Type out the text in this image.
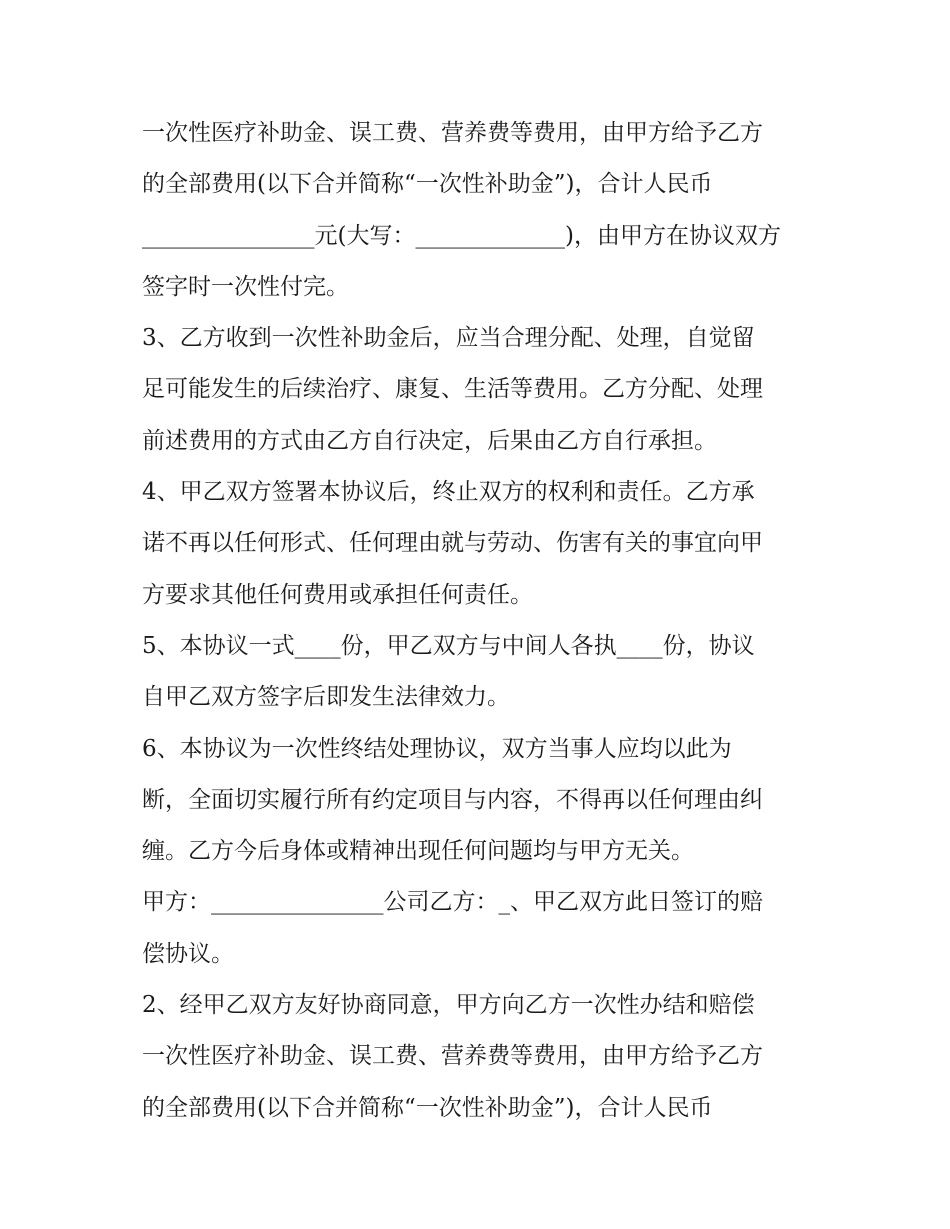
一次性医疗补助金、误工费、营养费等费用，由甲方给予乙方
的全部费用(以下合并简称“一次性补助金”)，合计人民币
_______________元(大写：_____________)，由甲方在协议双方
签字时一次性付完。
3、乙方收到一次性补助金后，应当合理分配、处理，自觉留
足可能发生的后续治疗、康复、生活等费用。乙方分配、处理
前述费用的方式由乙方自行决定，后果由乙方自行承担。
4、甲乙双方签署本协议后，终止双方的权利和责任。乙方承
诺不再以任何形式、任何理由就与劳动、伤害有关的事宜向甲
方要求其他任何费用或承担任何责任。
5、本协议一式____份，甲乙双方与中间人各执____份，协议
自甲乙双方签字后即发生法律效力。
6、本协议为一次性终结处理协议，双方当事人应均以此为
断，全面切实履行所有约定项目与内容，不得再以任何理由纠
缠。乙方今后身体或精神出现任何问题均与甲方无关。
甲方：_______________公司乙方：_、甲乙双方此日签订的赔
偿协议。
2、经甲乙双方友好协商同意，甲方向乙方一次性办结和赔偿
一次性医疗补助金、误工费、营养费等费用，由甲方给予乙方
的全部费用(以下合并简称“一次性补助金”)，合计人民币
